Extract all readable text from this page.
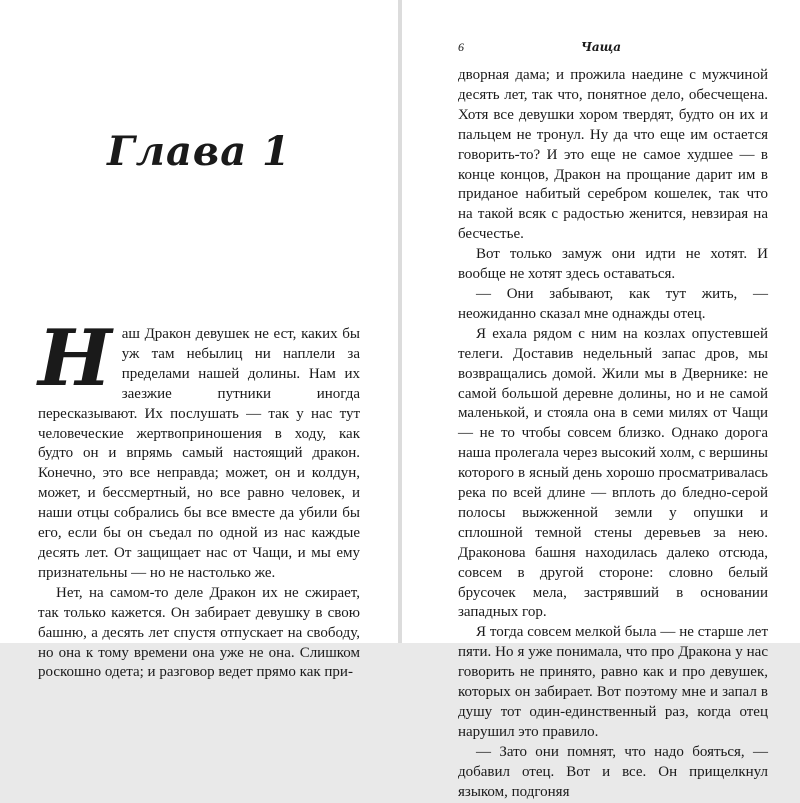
Глава 1

Наш Дракон девушек не ест, каких бы уж там небылиц ни наплели за пределами нашей долины. Нам их заезжие путники иногда пересказывают. Их послушать — так у нас тут человеческие жертвоприношения в ходу, как будто он и впрямь самый настоящий дракон. Конечно, это все неправда; может, он и колдун, может, и бессмертный, но все равно человек, и наши отцы собрались бы все вместе да убили бы его, если бы он съедал по одной из нас каждые десять лет. От защищает нас от Чащи, и мы ему признательны — но не настолько же.

Нет, на самом-то деле Дракон их не сжирает, так только кажется. Он забирает девушку в свою башню, а десять лет спустя отпускает на свободу, но она к тому времени она уже не она. Слишком роскошно одета; и разговор ведет прямо как при-

6	Чаща

дворная дама; и прожила наедине с мужчиной десять лет, так что, понятное дело, обесчещена. Хотя все девушки хором твердят, будто он их и пальцем не тронул. Ну да что еще им остается говорить-то? И это еще не самое худшее — в конце концов, Дракон на прощание дарит им в приданое набитый серебром кошелек, так что на такой всяк с радостью женится, невзирая на бесчестье.

Вот только замуж они идти не хотят. И вообще не хотят здесь оставаться.

— Они забывают, как тут жить, — неожиданно сказал мне однажды отец.

Я ехала рядом с ним на козлах опустевшей телеги. Доставив недельный запас дров, мы возвращались домой. Жили мы в Двернике: не самой большой деревне долины, но и не самой маленькой, и стояла она в семи милях от Чащи — не то чтобы совсем близко. Однако дорога наша пролегала через высокий холм, с вершины которого в ясный день хорошо просматривалась река по всей длине — вплоть до бледно-серой полосы выжженной земли у опушки и сплошной темной стены деревьев за нею. Драконова башня находилась далеко отсюда, совсем в другой стороне: словно белый брусочек мела, застрявший в основании западных гор.

Я тогда совсем мелкой была — не старше лет пяти. Но я уже понимала, что про Дракона у нас говорить не принято, равно как и про девушек, которых он забирает. Вот поэтому мне и запал в душу тот один-единственный раз, когда отец нарушил это правило.

— Зато они помнят, что надо бояться, — добавил отец. Вот и все. Он прищелкнул языком, подгоняя
